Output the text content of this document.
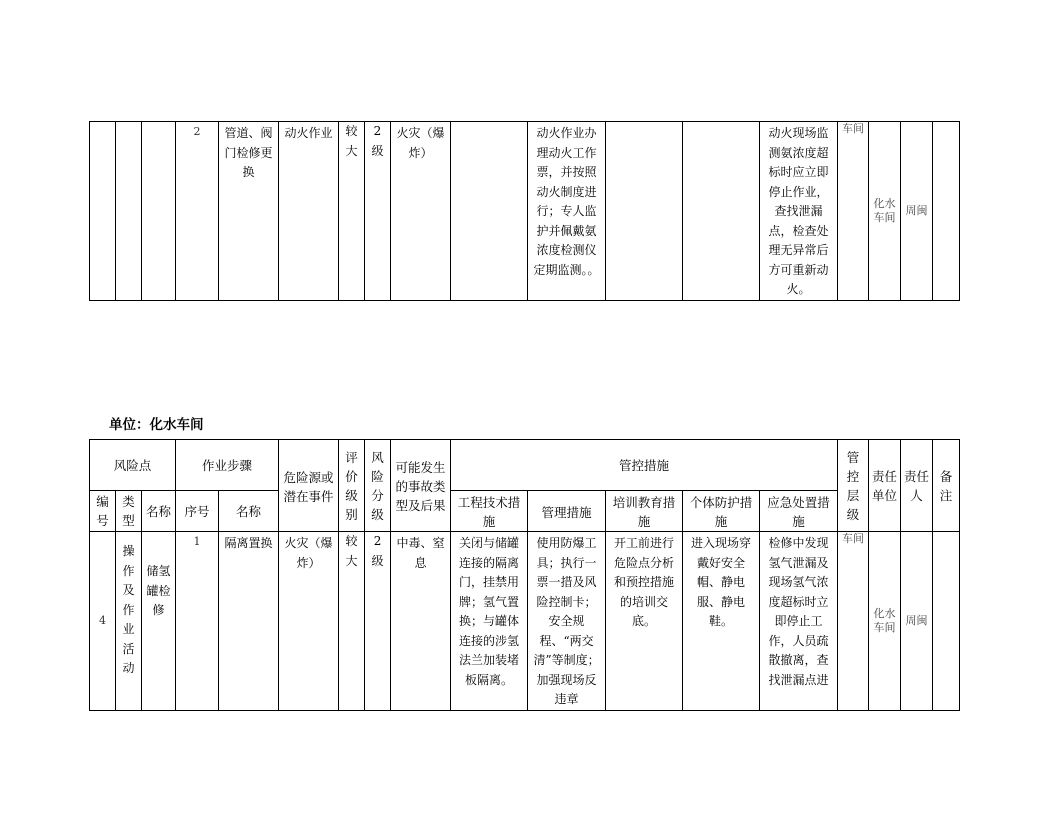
			2	管道、阀门检修更换	动火作业	较大	2级	火灾（爆炸）		动火作业办理动火工作票，并按照动火制度进行；专人监护并佩戴氨浓度检测仪定期监测。。			动火现场监测氨浓度超标时应立即停止作业，查找泄漏点，检查处理无异常后方可重新动火。	车间	化水车间	周闽	
单位：化水车间
风险点			作业步骤		危险源或潜在事件	评价级别	风险分级	可能发生的事故类型及后果	管控措施					管控层级	责任单位	责任人	备注
编号	类型	名称	序号	名称					工程技术措施	管理措施	培训教育措施	个体防护措施	应急处置措施				
4	操作及作业活动	储氢罐检修	1	隔离置换	火灾（爆炸）	较大	2级	中毒、窒息	关闭与储罐连接的隔离门，挂禁用牌；氢气置换；与罐体连接的涉氢法兰加装堵板隔离。	使用防爆工具；执行一票一措及风险控制卡；安全规程、“两交清”等制度；加强现场反违章	开工前进行危险点分析和预控措施的培训交底。	进入现场穿戴好安全帽、静电服、静电鞋。	检修中发现氢气泄漏及现场氢气浓度超标时立即停止工作，人员疏散撤离，查找泄漏点进	车间	化水车间	周闽	
